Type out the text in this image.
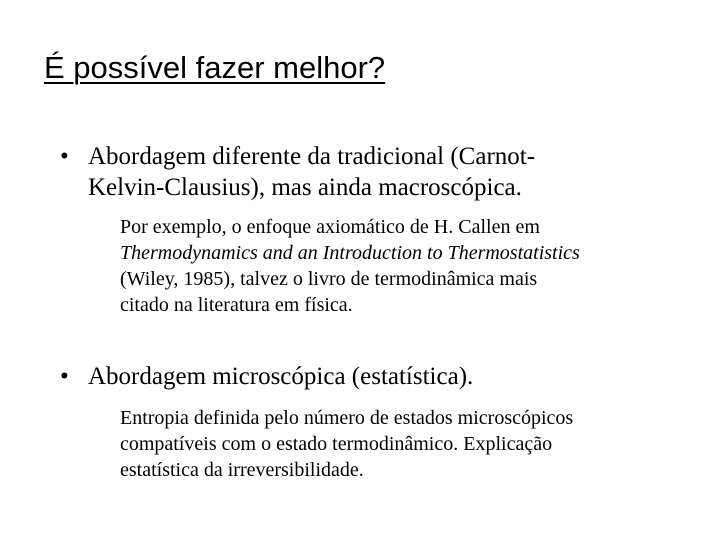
É possível fazer melhor?
• Abordagem diferente da tradicional (Carnot-
Kelvin-Clausius), mas ainda macroscópica.
Por exemplo, o enfoque axiomático de H. Callen em
Thermodynamics and an Introduction to Thermostatistics
(Wiley, 1985), talvez o livro de termodinâmica mais
citado na literatura em física.
• Abordagem microscópica (estatística).
Entropia definida pelo número de estados microscópicos
compatíveis com o estado termodinâmico. Explicação
estatística da irreversibilidade.
